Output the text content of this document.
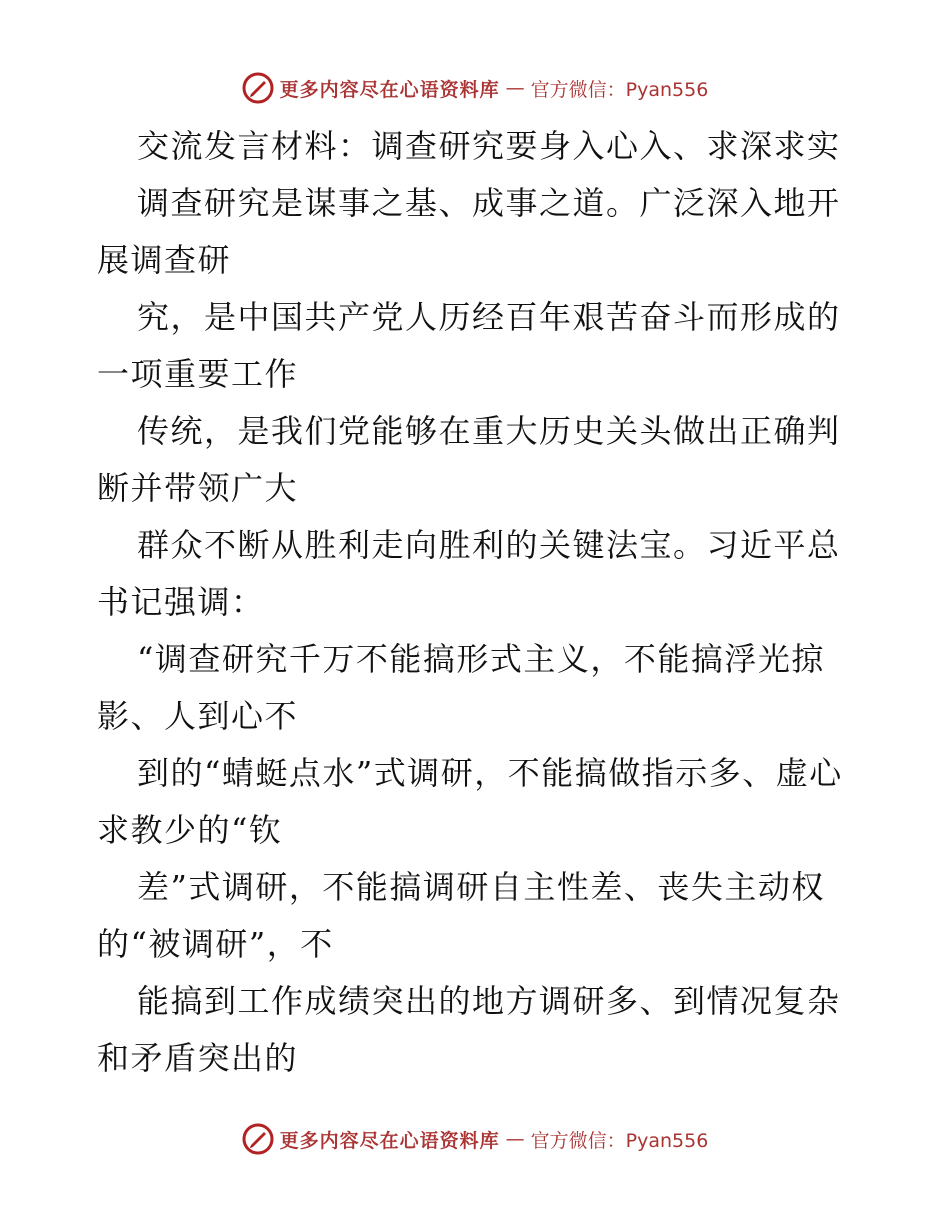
更多内容尽在心语资料库 — 官方微信：Pyan556

交流发言材料：调查研究要身入心入、求深求实

调查研究是谋事之基、成事之道。广泛深入地开展调查研

究，是中国共产党人历经百年艰苦奋斗而形成的一项重要工作

传统，是我们党能够在重大历史关头做出正确判断并带领广大

群众不断从胜利走向胜利的关键法宝。习近平总书记强调：

“调查研究千万不能搞形式主义，不能搞浮光掠影、人到心不

到的“蜻蜓点水”式调研，不能搞做指示多、虚心求教少的“钦

差”式调研，不能搞调研自主性差、丧失主动权的“被调研”，不

能搞到工作成绩突出的地方调研多、到情况复杂和矛盾突出的

更多内容尽在心语资料库 — 官方微信：Pyan556
